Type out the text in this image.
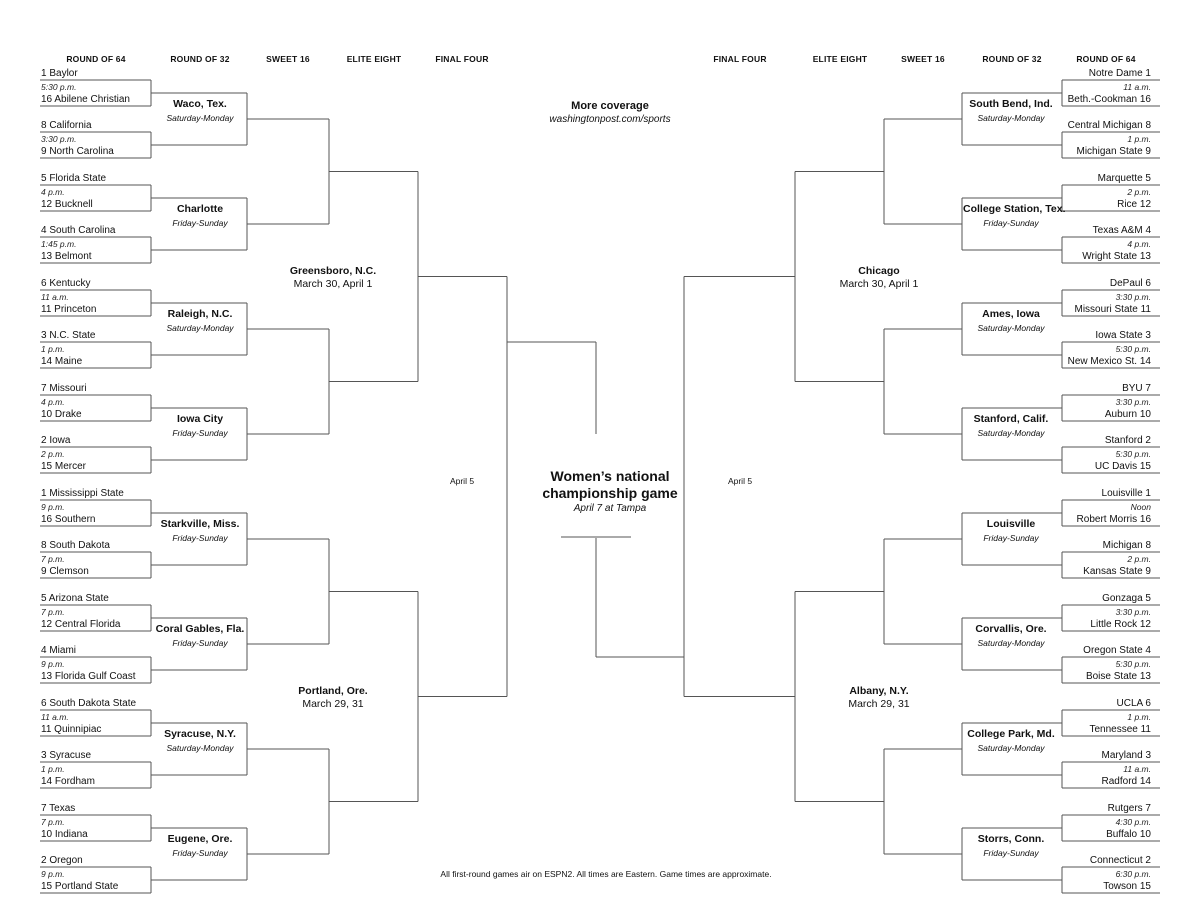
ROUND OF 64	ROUND OF 32	SWEET 16	ELITE EIGHT	FINAL FOUR	FINAL FOUR	ELITE EIGHT	SWEET 16	ROUND OF 32	ROUND OF 64
More coverage
washingtonpost.com/sports
Women’s national
championship game
April 7 at Tampa
April 5	April 5
Greensboro, N.C.
March 30, April 1
Portland, Ore.
March 29, 31
Chicago
March 30, April 1
Albany, N.Y.
March 29, 31
All first-round games air on ESPN2. All times are Eastern. Game times are approximate.
1 Baylor
5:30 p.m.
16 Abilene Christian
8 California
3:30 p.m.
9 North Carolina
Waco, Tex.
Saturday-Monday
5 Florida State
4 p.m.
12 Bucknell
4 South Carolina
1:45 p.m.
13 Belmont
Charlotte
Friday-Sunday
6 Kentucky
11 a.m.
11 Princeton
3 N.C. State
1 p.m.
14 Maine
Raleigh, N.C.
Saturday-Monday
7 Missouri
4 p.m.
10 Drake
2 Iowa
2 p.m.
15 Mercer
Iowa City
Friday-Sunday
1 Mississippi State
9 p.m.
16 Southern
8 South Dakota
7 p.m.
9 Clemson
Starkville, Miss.
Friday-Sunday
5 Arizona State
7 p.m.
12 Central Florida
4 Miami
9 p.m.
13 Florida Gulf Coast
Coral Gables, Fla.
Friday-Sunday
6 South Dakota State
11 a.m.
11 Quinnipiac
3 Syracuse
1 p.m.
14 Fordham
Syracuse, N.Y.
Saturday-Monday
7 Texas
7 p.m.
10 Indiana
2 Oregon
9 p.m.
15 Portland State
Eugene, Ore.
Friday-Sunday
Notre Dame 1
11 a.m.
Beth.-Cookman 16
Central Michigan 8
1 p.m.
Michigan State 9
South Bend, Ind.
Saturday-Monday
Marquette 5
2 p.m.
Rice 12
Texas A&M 4
4 p.m.
Wright State 13
College Station, Tex.
Friday-Sunday
DePaul 6
3:30 p.m.
Missouri State 11
Iowa State 3
5:30 p.m.
New Mexico St. 14
Ames, Iowa
Saturday-Monday
BYU 7
3:30 p.m.
Auburn 10
Stanford 2
5:30 p.m.
UC Davis 15
Stanford, Calif.
Saturday-Monday
Louisville 1
Noon
Robert Morris 16
Michigan 8
2 p.m.
Kansas State 9
Louisville
Friday-Sunday
Gonzaga 5
3:30 p.m.
Little Rock 12
Oregon State 4
5:30 p.m.
Boise State 13
Corvallis, Ore.
Saturday-Monday
UCLA 6
1 p.m.
Tennessee 11
Maryland 3
11 a.m.
Radford 14
College Park, Md.
Saturday-Monday
Rutgers 7
4:30 p.m.
Buffalo 10
Connecticut 2
6:30 p.m.
Towson 15
Storrs, Conn.
Friday-Sunday
